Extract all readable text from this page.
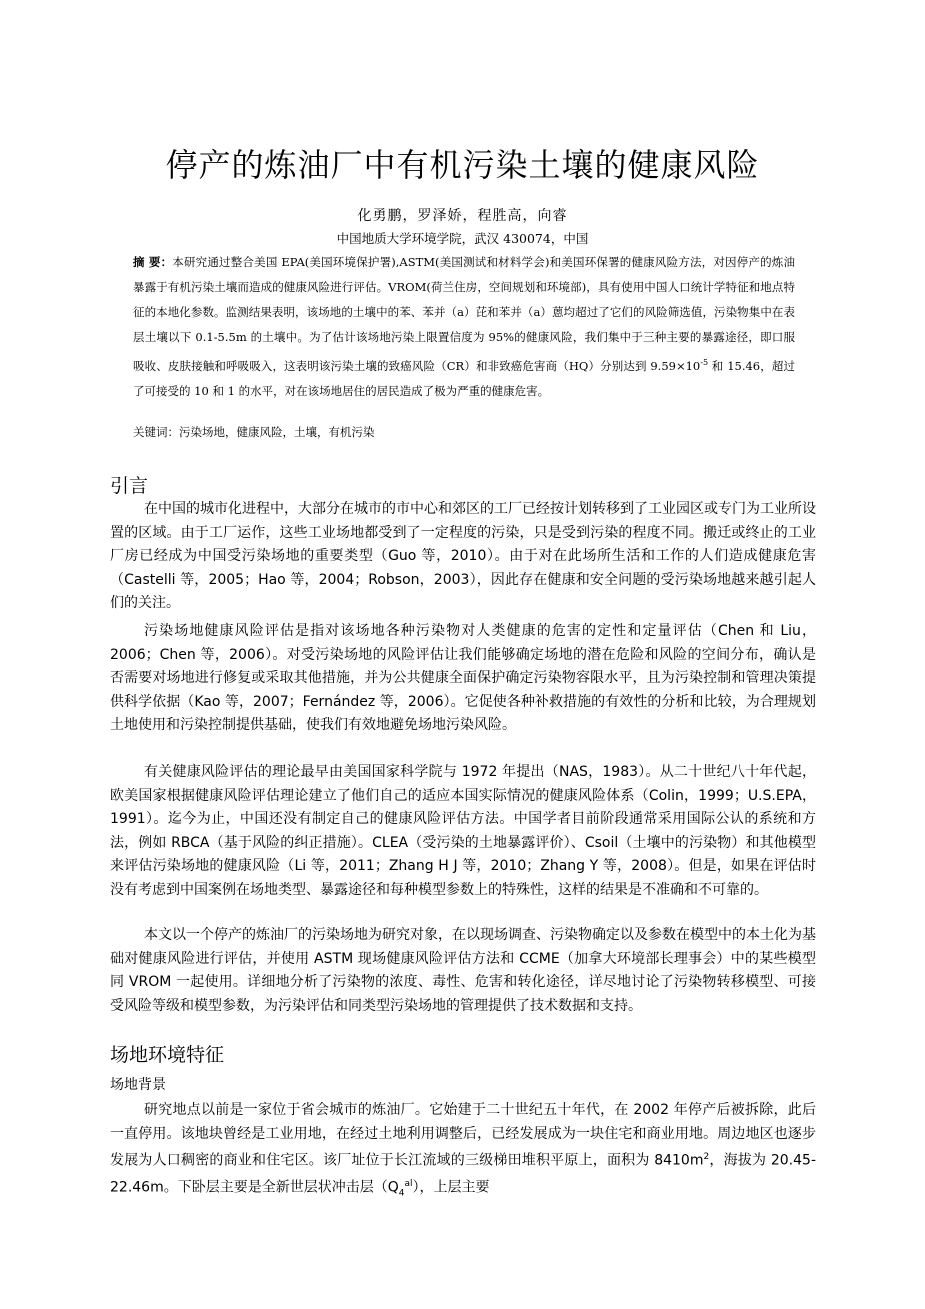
停产的炼油厂中有机污染土壤的健康风险

化勇鹏，罗泽娇，程胜高，向睿

中国地质大学环境学院，武汉 430074，中国

摘 要：本研究通过整合美国 EPA(美国环境保护署),ASTM(美国测试和材料学会)和美国环保署的健康风险方法，对因停产的炼油暴露于有机污染土壤而造成的健康风险进行评估。VROM(荷兰住房，空间规划和环境部)，具有使用中国人口统计学特征和地点特征的本地化参数。监测结果表明，该场地的土壤中的苯、苯并（a）芘和苯并（a）蒽均超过了它们的风险筛选值，污染物集中在表层土壤以下 0.1-5.5m 的土壤中。为了估计该场地污染上限置信度为 95%的健康风险，我们集中于三种主要的暴露途径，即口服吸收、皮肤接触和呼吸吸入，这表明该污染土壤的致癌风险（CR）和非致癌危害商（HQ）分别达到 $9.59\times 10^{-5}$ 和 15.46，超过了可接受的 10 和 1 的水平，对在该场地居住的居民造成了极为严重的健康危害。

关键词：污染场地，健康风险，土壤，有机污染

引言

在中国的城市化进程中，大部分在城市的市中心和郊区的工厂已经按计划转移到了工业园区或专门为工业所设置的区域。由于工厂运作，这些工业场地都受到了一定程度的污染，只是受到污染的程度不同。搬迁或终止的工业厂房已经成为中国受污染场地的重要类型（Guo 等，2010）。由于对在此场所生活和工作的人们造成健康危害（Castelli 等，2005；Hao 等，2004；Robson，2003），因此存在健康和安全问题的受污染场地越来越引起人们的关注。

污染场地健康风险评估是指对该场地各种污染物对人类健康的危害的定性和定量评估（Chen 和 Liu，2006；Chen 等，2006）。对受污染场地的风险评估让我们能够确定场地的潜在危险和风险的空间分布，确认是否需要对场地进行修复或采取其他措施，并为公共健康全面保护确定污染物容限水平，且为污染控制和管理决策提供科学依据（Kao 等，2007；Fernández 等，2006）。它促使各种补救措施的有效性的分析和比较，为合理规划土地使用和污染控制提供基础，使我们有效地避免场地污染风险。

有关健康风险评估的理论最早由美国国家科学院与 1972 年提出（NAS，1983）。从二十世纪八十年代起，欧美国家根据健康风险评估理论建立了他们自己的适应本国实际情况的健康风险体系（Colin，1999；U.S.EPA，1991）。迄今为止，中国还没有制定自己的健康风险评估方法。中国学者目前阶段通常采用国际公认的系统和方法，例如 RBCA（基于风险的纠正措施）。CLEA（受污染的土地暴露评价）、Csoil（土壤中的污染物）和其他模型来评估污染场地的健康风险（Li 等，2011；Zhang H J 等，2010；Zhang Y 等，2008）。但是，如果在评估时没有考虑到中国案例在场地类型、暴露途径和每种模型参数上的特殊性，这样的结果是不准确和不可靠的。

本文以一个停产的炼油厂的污染场地为研究对象，在以现场调查、污染物确定以及参数在模型中的本土化为基础对健康风险进行评估，并使用 ASTM 现场健康风险评估方法和 CCME（加拿大环境部长理事会）中的某些模型同 VROM 一起使用。详细地分析了污染物的浓度、毒性、危害和转化途径，详尽地讨论了污染物转移模型、可接受风险等级和模型参数，为污染评估和同类型污染场地的管理提供了技术数据和支持。

场地环境特征
场地背景

研究地点以前是一家位于省会城市的炼油厂。它始建于二十世纪五十年代，在 2002 年停产后被拆除，此后一直停用。该地块曾经是工业用地，在经过土地利用调整后，已经发展成为一块住宅和商业用地。周边地区也逐步发展为人口稠密的商业和住宅区。该厂址位于长江流域的三级梯田堆积平原上，面积为 $8410m^2$，海拔为 20.45-22.46m。下卧层主要是全新世层状冲击层$(Q_4^{al})$，上层主要
